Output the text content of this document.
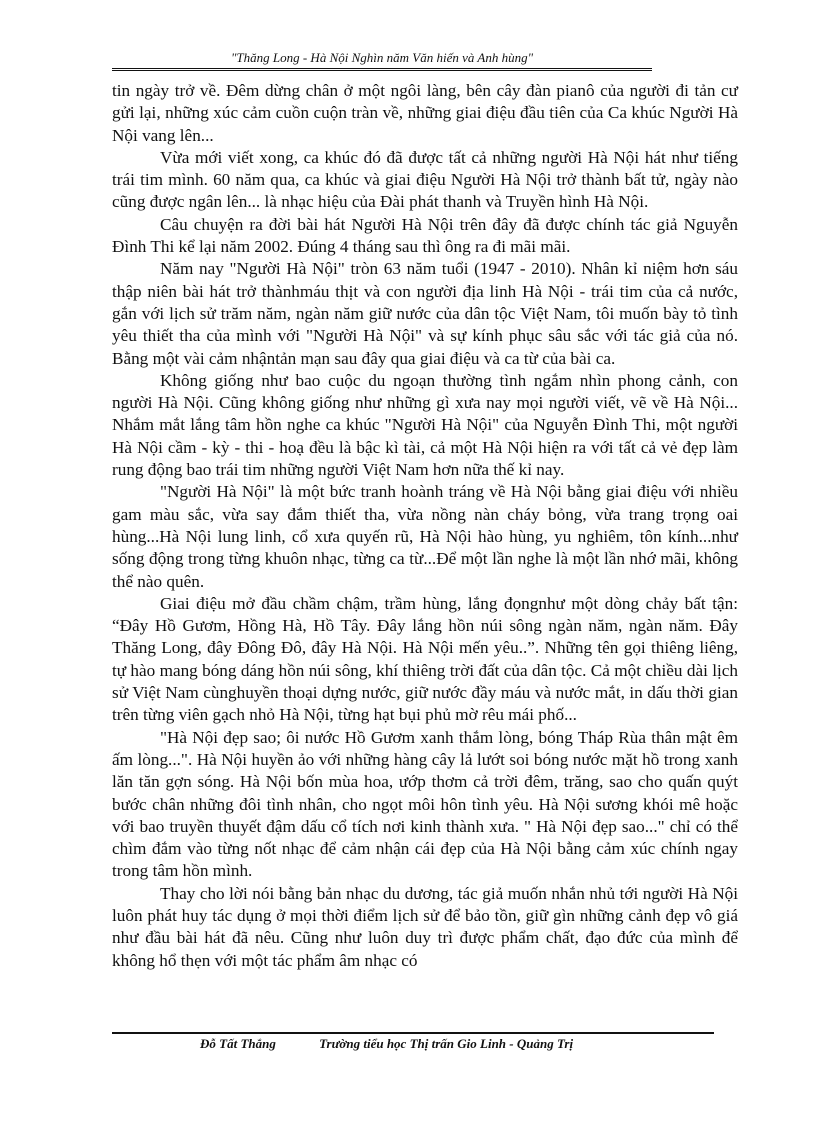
"Thăng Long - Hà Nội Nghìn năm Văn hiến và Anh hùng"

tin ngày trở về. Đêm dừng chân ở một ngôi làng, bên cây đàn pianô của người đi tản cư gửi lại, những xúc cảm cuồn cuộn tràn về, những giai điệu đầu tiên của Ca khúc Người Hà Nội vang lên...

Vừa mới viết xong, ca khúc đó đã được tất cả những người Hà Nội hát như tiếng trái tim mình. 60 năm qua, ca khúc và giai điệu Người Hà Nội trở thành bất tử, ngày nào cũng được ngân lên... là nhạc hiệu của Đài phát thanh và Truyền hình Hà Nội.

Câu chuyện ra đời bài hát Người Hà Nội trên đây đã được chính tác giả Nguyễn Đình Thi kể lại năm 2002. Đúng 4 tháng sau thì ông ra đi mãi mãi.

Năm nay "Người Hà Nội" tròn 63 năm tuổi (1947 - 2010). Nhân kỉ niệm hơn sáu thập niên bài hát trở thànhmáu thịt và con người địa linh Hà Nội - trái tim của cả nước, gắn với lịch sử trăm năm, ngàn năm giữ nước của dân tộc Việt Nam, tôi muốn bày tỏ tình yêu thiết tha của mình với "Người Hà Nội" và sự kính phục sâu sắc với tác giả của nó. Bằng một vài cảm nhậntản mạn sau đây qua giai điệu và ca từ của bài ca.

Không giống như bao cuộc du ngoạn thường tình ngắm nhìn phong cảnh, con người Hà Nội. Cũng không giống như những gì xưa nay mọi người viết, vẽ về Hà Nội... Nhắm mắt lắng tâm hồn nghe ca khúc "Người Hà Nội" của Nguyễn Đình Thi, một người Hà Nội cầm - kỳ - thi - hoạ đều là bậc kì tài, cả một Hà Nội hiện ra với tất cả vẻ đẹp làm rung động bao trái tim những người Việt Nam hơn nữa thế kỉ nay.

"Người Hà Nội" là một bức tranh hoành tráng về Hà Nội bằng giai điệu với nhiều gam màu sắc, vừa say đắm thiết tha, vừa nồng nàn cháy bỏng, vừa trang trọng oai hùng...Hà Nội lung linh, cổ xưa quyến rũ, Hà Nội hào hùng, yu nghiêm, tôn kính...như sống động trong từng khuôn nhạc, từng ca từ...Để một lần nghe là một lần nhớ mãi, không thể nào quên.

Giai điệu mở đầu chầm chậm, trầm hùng, lắng đọngnhư một dòng chảy bất tận: “Đây Hồ Gươm, Hồng Hà, Hồ Tây. Đây lắng hồn núi sông ngàn năm, ngàn năm. Đây Thăng Long, đây Đông Đô, đây Hà Nội. Hà Nội mến yêu..”. Những tên gọi thiêng liêng, tự hào mang bóng dáng hồn núi sông, khí thiêng trời đất của dân tộc. Cả một chiều dài lịch sử Việt Nam cùnghuyền thoại dựng nước, giữ nước đầy máu và nước mắt, in dấu thời gian trên từng viên gạch nhỏ Hà Nội, từng hạt bụi phủ mờ rêu mái phố...

"Hà Nội đẹp sao; ôi nước Hồ Gươm xanh thắm lòng, bóng Tháp Rùa thân mật êm ấm lòng...". Hà Nội huyền ảo với những hàng cây lả lướt soi bóng nước mặt hồ trong xanh lăn tăn gợn sóng. Hà Nội bốn mùa hoa, ướp thơm cả trời đêm, trăng, sao cho quấn quýt bước chân những đôi tình nhân, cho ngọt môi hôn tình yêu. Hà Nội sương khói mê hoặc với bao truyền thuyết đậm dấu cổ tích nơi kinh thành xưa. " Hà Nội đẹp sao..." chỉ có thể chìm đắm vào từng nốt nhạc để cảm nhận cái đẹp của Hà Nội bằng cảm xúc chính ngay trong tâm hồn mình.

Thay cho lời nói bằng bản nhạc du dương, tác giả muốn nhắn nhủ tới người Hà Nội luôn phát huy tác dụng ở mọi thời điểm lịch sử để bảo tồn, giữ gìn những cảnh đẹp vô giá như đầu bài hát đã nêu. Cũng như luôn duy trì được phẩm chất, đạo đức của mình để không hổ thẹn với một tác phẩm âm nhạc có

Đỗ Tất Thắng	Trường tiểu học Thị trấn Gio Linh - Quảng Trị
